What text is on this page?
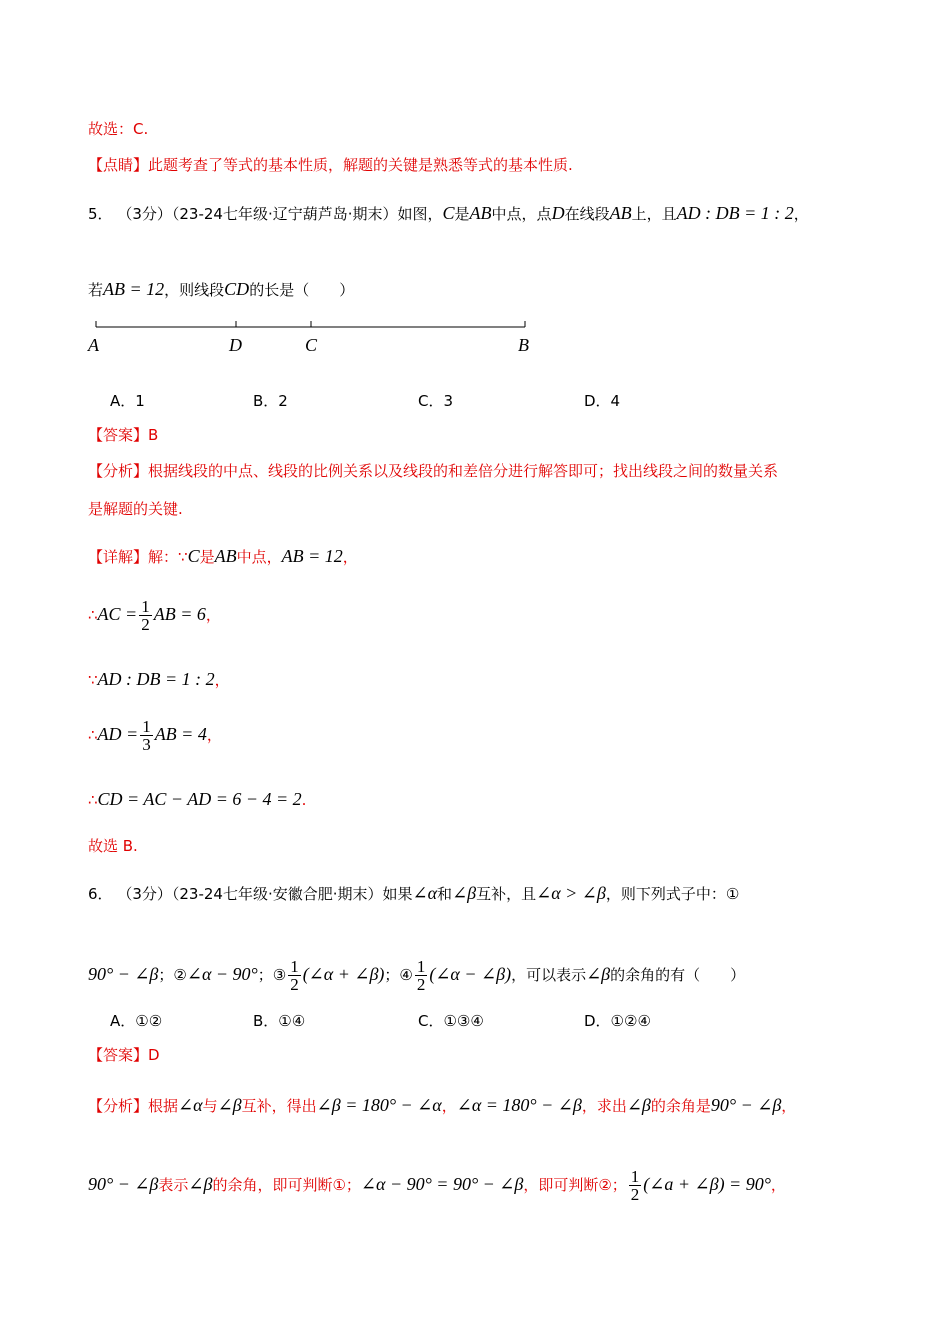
故选：C.
【点睛】此题考查了等式的基本性质，解题的关键是熟悉等式的基本性质.
5． （3分）（23-24七年级·辽宁葫芦岛·期末）如图，C是AB中点，点D在线段AB上，且AD : DB = 1 : 2，
若AB = 12，则线段CD的长是（　　）
A	D	C	B
A．1	B．2	C．3	D．4
【答案】B
【分析】根据线段的中点、线段的比例关系以及线段的和差倍分进行解答即可；找出线段之间的数量关系
是解题的关键.
【详解】解：∵C是AB中点，AB = 12，
∴AC = $\frac{1}{2}$ AB = 6，
∵AD : DB = 1 : 2，
∴AD = $\frac{1}{3}$ AB = 4，
∴CD = AC − AD = 6 − 4 = 2.
故选 B.
6． （3分）（23-24七年级·安徽合肥·期末）如果∠α和∠β互补，且∠α > ∠β，则下列式子中：①
90° − ∠β；②∠α − 90°；③ $\frac{1}{2}$ (∠α + ∠β)；④ $\frac{1}{2}$ (∠α − ∠β)，可以表示∠β的余角的有（　　）
A．①②	B．①④	C．①③④	D．①②④
【答案】D
【分析】根据∠α与∠β互补，得出∠β = 180° − ∠α，∠α = 180° − ∠β，求出∠β的余角是90° − ∠β，
90° − ∠β表示∠β的余角，即可判断①；∠α − 90° = 90° − ∠β，即可判断②； $\frac{1}{2}$ (∠a + ∠β) = 90°，
